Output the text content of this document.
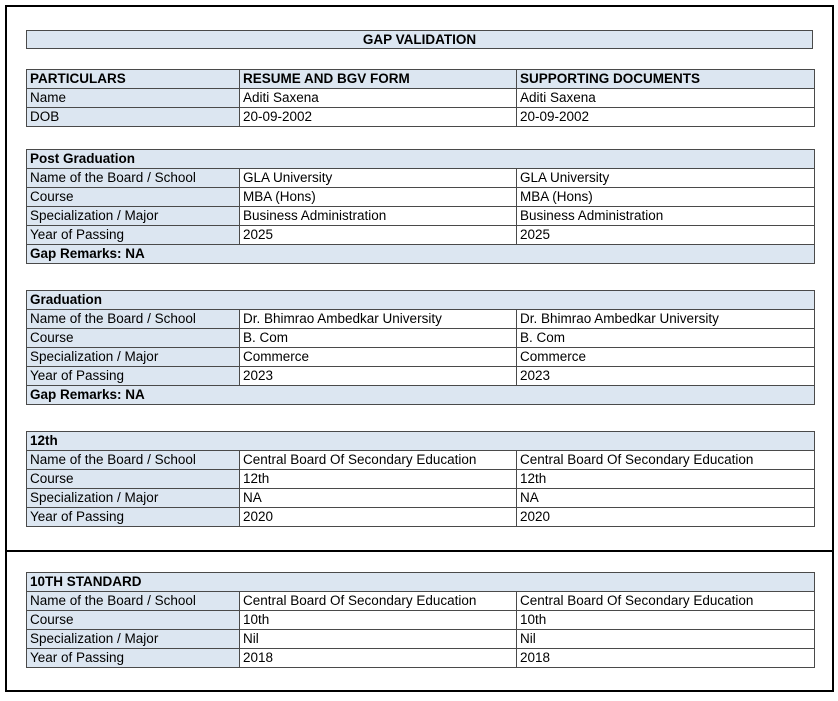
GAP VALIDATION
PARTICULARS	RESUME AND BGV FORM	SUPPORTING DOCUMENTS
Name	Aditi Saxena	Aditi Saxena
DOB	20-09-2002	20-09-2002
Post Graduation		
Name of the Board / School	GLA University	GLA University
Course	MBA (Hons)	MBA (Hons)
Specialization / Major	Business Administration	Business Administration
Year of Passing	2025	2025
Gap Remarks: NA		
Graduation		
Name of the Board / School	Dr. Bhimrao Ambedkar University	Dr. Bhimrao Ambedkar University
Course	B. Com	B. Com
Specialization / Major	Commerce	Commerce
Year of Passing	2023	2023
Gap Remarks: NA		
12th		
Name of the Board / School	Central Board Of Secondary Education	Central Board Of Secondary Education
Course	12th	12th
Specialization / Major	NA	NA
Year of Passing	2020	2020
10TH STANDARD		
Name of the Board / School	Central Board Of Secondary Education	Central Board Of Secondary Education
Course	10th	10th
Specialization / Major	Nil	Nil
Year of Passing	2018	2018
